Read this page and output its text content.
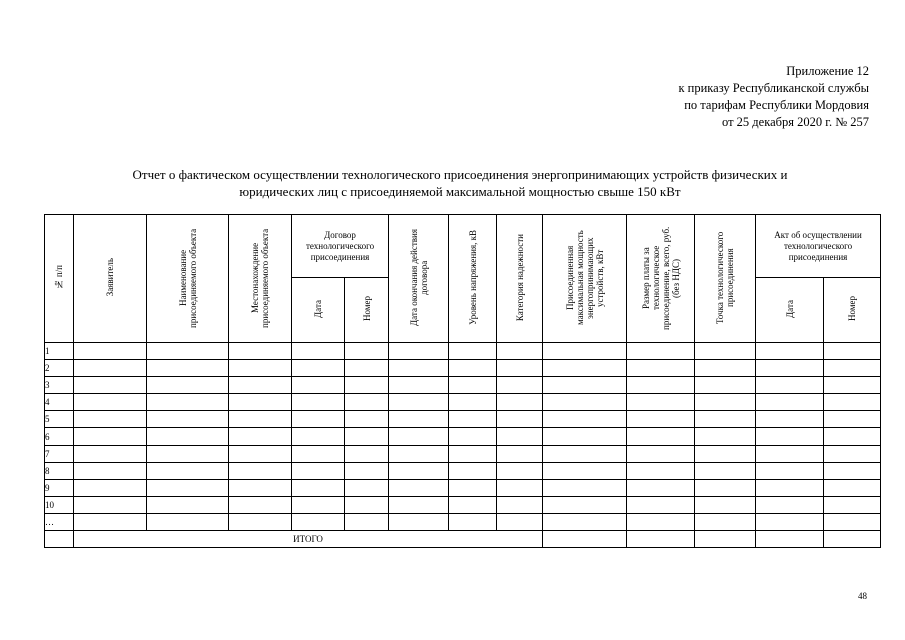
Приложение 12
к приказу Республиканской службы
по тарифам Республики Мордовия
от 25 декабря 2020 г. № 257
Отчет о фактическом осуществлении технологического присоединения энергопринимающих устройств физических и
юридических лиц с присоединяемой максимальной мощностью свыше 150 кВт
№ п/п	Заявитель	Наименование присоединяемого объекта	Местонахождение присоединяемого объекта	Договор технологического присоединения		Дата окончания действия договора	Уровень напряжения, кВ	Категория надежности	Присоединенная максимальная мощность энергопринимающих устройств, кВт	Размер платы за технологическое присоединение, всего, руб. (без НДС)	Точка технологического присоединения	Акт об осуществлении технологического присоединения	

				Дата	Номер							Дата	Номер
1													
2													
3													
4													
5													
6													
7													
8													
9													
10													
…													
	ИТОГО												
48
